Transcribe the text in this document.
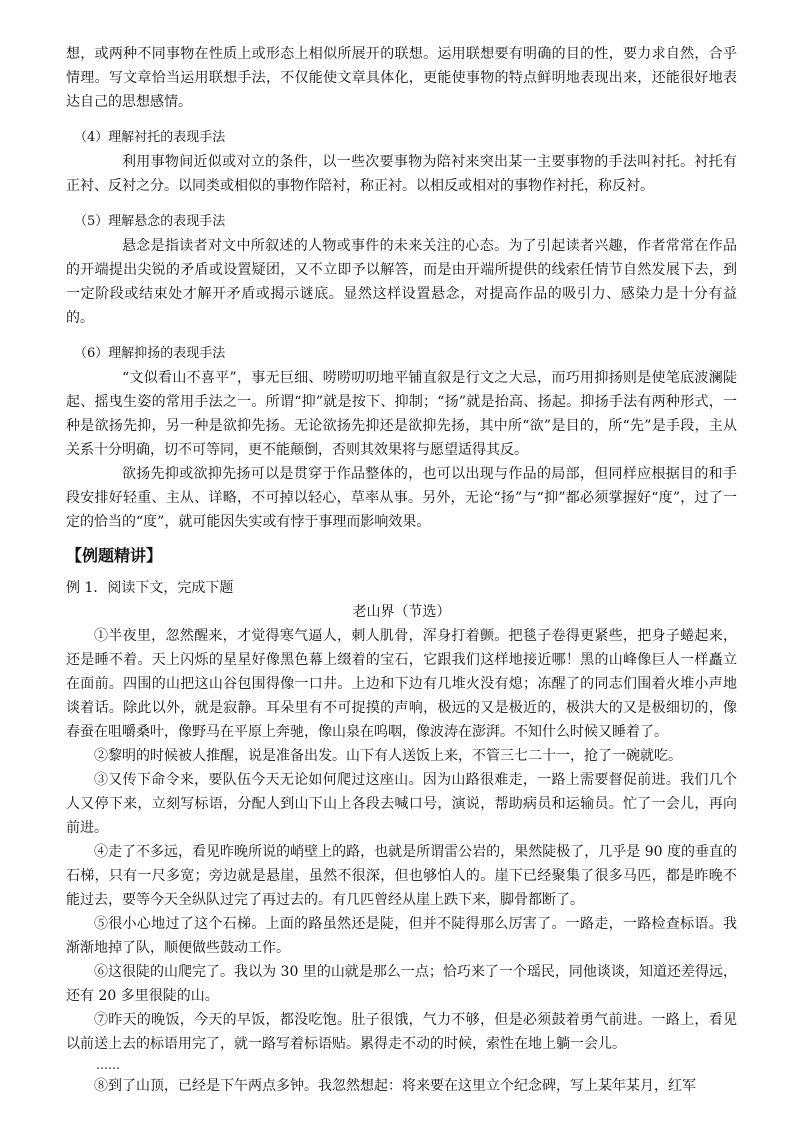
想，或两种不同事物在性质上或形态上相似所展开的联想。运用联想要有明确的目的性，要力求自然，合乎情理。写文章恰当运用联想手法，不仅能使文章具体化，更能使事物的特点鲜明地表现出来，还能很好地表达自己的思想感情。

（4）理解衬托的表现手法

利用事物间近似或对立的条件，以一些次要事物为陪衬来突出某一主要事物的手法叫衬托。衬托有正衬、反衬之分。以同类或相似的事物作陪衬，称正衬。以相反或相对的事物作衬托，称反衬。

（5）理解悬念的表现手法

悬念是指读者对文中所叙述的人物或事件的未来关注的心态。为了引起读者兴趣，作者常常在作品的开端提出尖锐的矛盾或设置疑团，又不立即予以解答，而是由开端所提供的线索任情节自然发展下去，到一定阶段或结束处才解开矛盾或揭示谜底。显然这样设置悬念，对提高作品的吸引力、感染力是十分有益的。

（6）理解抑扬的表现手法

“文似看山不喜平”，事无巨细、唠唠叨叨地平铺直叙是行文之大忌，而巧用抑扬则是使笔底波澜陡起、摇曳生姿的常用手法之一。所谓“抑”就是按下、抑制；“扬”就是抬高、扬起。抑扬手法有两种形式，一种是欲扬先抑，另一种是欲抑先扬。无论欲扬先抑还是欲抑先扬，其中所“欲”是目的，所“先”是手段，主从关系十分明确，切不可等同，更不能颠倒，否则其效果将与愿望适得其反。

欲扬先抑或欲抑先扬可以是贯穿于作品整体的，也可以出现与作品的局部，但同样应根据目的和手段安排好轻重、主从、详略，不可掉以轻心，草率从事。另外，无论“扬”与“抑”都必须掌握好“度”，过了一定的恰当的“度”，就可能因失实或有悖于事理而影响效果。

【例题精讲】

例 1．阅读下文，完成下题

老山界（节选）

①半夜里，忽然醒来，才觉得寒气逼人，刺人肌骨，浑身打着颤。把毯子卷得更紧些，把身子蜷起来，还是睡不着。天上闪烁的星星好像黑色幕上缀着的宝石，它跟我们这样地接近哪！黑的山峰像巨人一样矗立在面前。四围的山把这山谷包围得像一口井。上边和下边有几堆火没有熄；冻醒了的同志们围着火堆小声地谈着话。除此以外，就是寂静。耳朵里有不可捉摸的声响，极远的又是极近的，极洪大的又是极细切的，像春蚕在咀嚼桑叶，像野马在平原上奔驰，像山泉在呜咽，像波涛在澎湃。不知什么时候又睡着了。

②黎明的时候被人推醒，说是准备出发。山下有人送饭上来，不管三七二十一，抢了一碗就吃。

③又传下命令来，要队伍今天无论如何爬过这座山。因为山路很难走，一路上需要督促前进。我们几个人又停下来，立刻写标语，分配人到山下山上各段去喊口号，演说，帮助病员和运输员。忙了一会儿，再向前进。

④走了不多远，看见昨晚所说的峭壁上的路，也就是所谓雷公岩的，果然陡极了，几乎是 90 度的垂直的石梯，只有一尺多宽；旁边就是悬崖，虽然不很深，但也够怕人的。崖下已经聚集了很多马匹，都是昨晚不能过去，要等今天全纵队过完了再过去的。有几匹曾经从崖上跌下来，脚骨都断了。

⑤很小心地过了这个石梯。上面的路虽然还是陡，但并不陡得那么厉害了。一路走，一路检查标语。我渐渐地掉了队，顺便做些鼓动工作。

⑥这很陡的山爬完了。我以为 30 里的山就是那么一点；恰巧来了一个瑶民，同他谈谈，知道还差得远，还有 20 多里很陡的山。

⑦昨天的晚饭，今天的早饭，都没吃饱。肚子很饿，气力不够，但是必须鼓着勇气前进。一路上，看见以前送上去的标语用完了，就一路写着标语贴。累得走不动的时候，索性在地上躺一会儿。

……

⑧到了山顶，已经是下午两点多钟。我忽然想起：将来要在这里立个纪念碑，写上某年某月，红军
